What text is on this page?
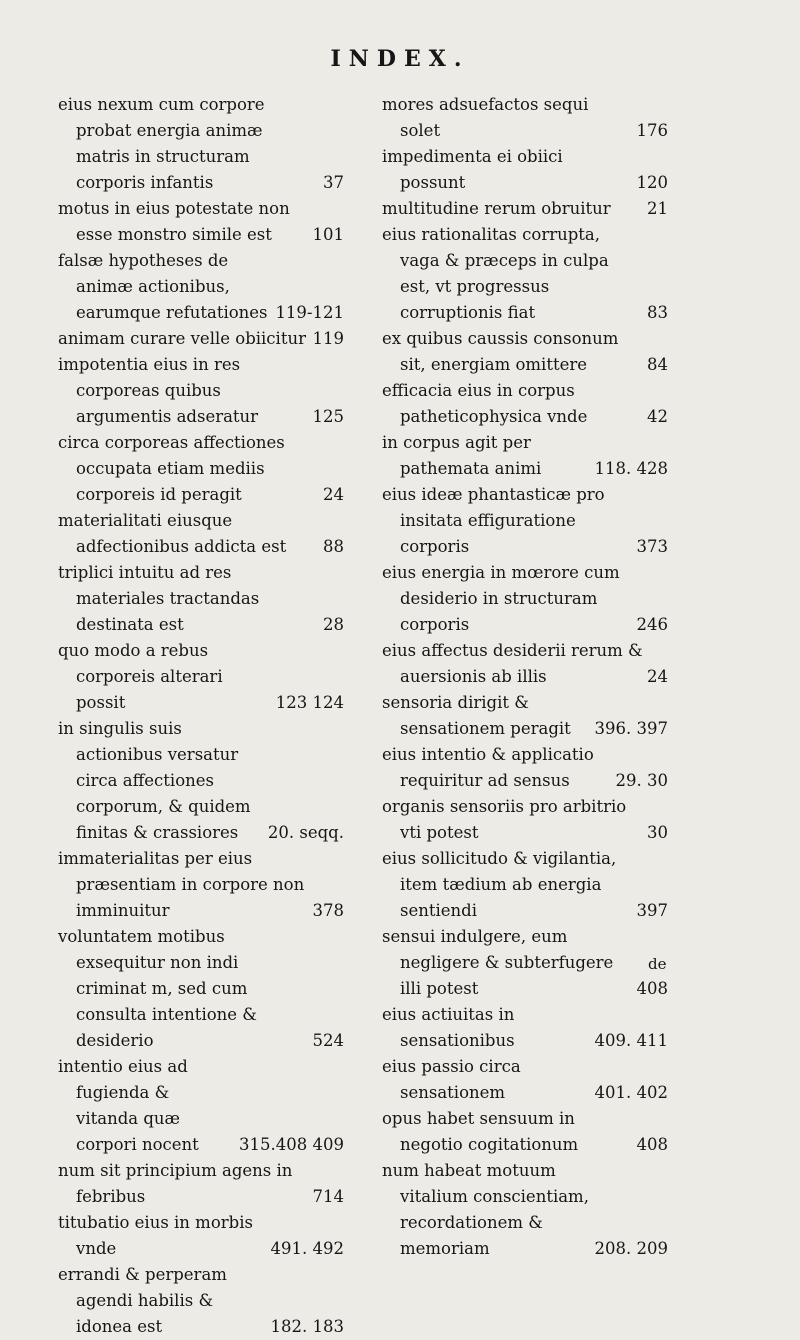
INDEX.
eius nexum cum corpore probat energia animæ matris in structuram corporis infantis	37
motus in eius potestate non esse monstro simile est	101
falsæ hypotheses de animæ actionibus, earumque refutationes 119-121
animam curare velle obiicitur 119
impotentia eius in res corporeas quibus argumentis adseratur	125
circa corporeas affectiones occupata etiam mediis corporeis id peragit	24
materialitati eiusque adfectionibus addicta est	88
triplici intuitu ad res materiales tractandas destinata est	28
quo modo a rebus corporeis alterari possit	123 124
in singulis suis actionibus versatur circa affectiones corporum, & quidem finitas & crassiores	20. seqq.
immaterialitas per eius præsentiam in corpore non imminuitur	378
voluntatem motibus exsequitur non indi criminat m, sed cum consulta intentione & desiderio	524
intentio eius ad fugienda & vitanda quæ corpori nocent	315.408 409
num sit principium agens in febribus	714
titubatio eius in morbis vnde	491. 492
errandi & perperam agendi habilis & idonea est	182. 183
mores adsuefactos sequi solet	176
impedimenta ei obiici possunt	120
multitudine rerum obruitur	21
eius rationalitas corrupta, vaga & præceps in culpa est, vt progressus corruptionis fiat	83
ex quibus caussis consonum sit, energiam omittere	84
efficacia eius in corpus patheticophysica vnde	42
in corpus agit per pathemata animi	118. 428
eius ideæ phantasticæ pro insitata effiguratione corporis	373
eius energia in mœrore cum desiderio in structuram corporis	246
eius affectus desiderii rerum & auersionis ab illis	24
sensoria dirigit & sensationem peragit	396. 397
eius intentio & applicatio requiritur ad sensus	29. 30
organis sensoriis pro arbitrio vti potest	30
eius sollicitudo & vigilantia, item tædium ab energia sentiendi	397
sensui indulgere, eum negligere & subterfugere illi potest	408
eius actiuitas in sensationibus	409. 411
eius passio circa sensationem	401. 402
opus habet sensuum in negotio cogitationum	408
num habeat motuum vitalium conscientiam, recordationem & memoriam	208. 209
de
